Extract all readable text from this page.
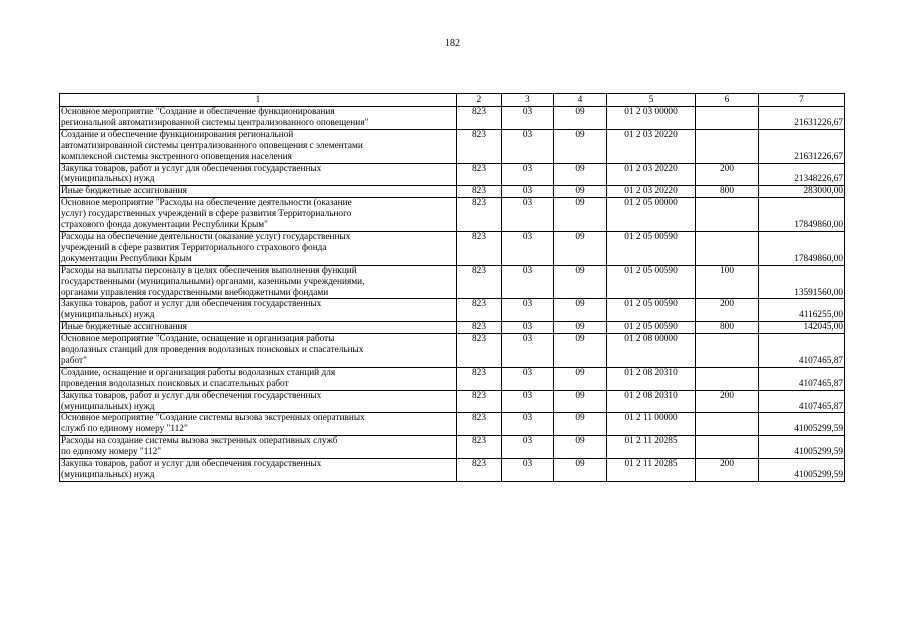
182
1	2	3	4	5	6	7

Основное мероприятие "Создание и обеспечение функционирования
региональной автоматизированной системы централизованного оповещения"	823	03	09	01 2 03 00000		21631226,67

Создание и обеспечение функционирования региональной
автоматизированной системы централизованного оповещения с элементами
комплексной системы экстренного оповещения населения	823	03	09	01 2 03 20220		21631226,67

Закупка товаров, работ и услуг для обеспечения государственных
(муниципальных) нужд	823	03	09	01 2 03 20220	200	21348226,67

Иные бюджетные ассигнования	823	03	09	01 2 03 20220	800	283000,00

Основное мероприятие "Расходы на обеспечение деятельности (оказание
услуг) государственных учреждений в сфере развития Территориального
страхового фонда документации Республики Крым"	823	03	09	01 2 05 00000		17849860,00

Расходы на обеспечение деятельности (оказание услуг) государственных
учреждений в сфере развития Территориального страхового фонда
документации Республики Крым	823	03	09	01 2 05 00590		17849860,00

Расходы на выплаты персоналу в целях обеспечения выполнения функций
государственными (муниципальными) органами, казенными учреждениями,
органами управления государственными внебюджетными фондами	823	03	09	01 2 05 00590	100	13591560,00

Закупка товаров, работ и услуг для обеспечения государственных
(муниципальных) нужд	823	03	09	01 2 05 00590	200	4116255,00

Иные бюджетные ассигнования	823	03	09	01 2 05 00590	800	142045,00

Основное мероприятие "Создание, оснащение и организация работы
водолазных станций для проведения водолазных поисковых и спасательных
работ"	823	03	09	01 2 08 00000		4107465,87

Создание, оснащение и организация работы водолазных станций для
проведения водолазных поисковых и спасательных работ	823	03	09	01 2 08 20310		4107465,87

Закупка товаров, работ и услуг для обеспечения государственных
(муниципальных) нужд	823	03	09	01 2 08 20310	200	4107465,87

Основное мероприятие "Создание системы вызова экстренных оперативных
служб по единому номеру "112"	823	03	09	01 2 11 00000		41005299,59

Расходы на создание системы вызова экстренных оперативных служб
по единому номеру "112"	823	03	09	01 2 11 20285		41005299,59

Закупка товаров, работ и услуг для обеспечения государственных
(муниципальных) нужд	823	03	09	01 2 11 20285	200	41005299,59
